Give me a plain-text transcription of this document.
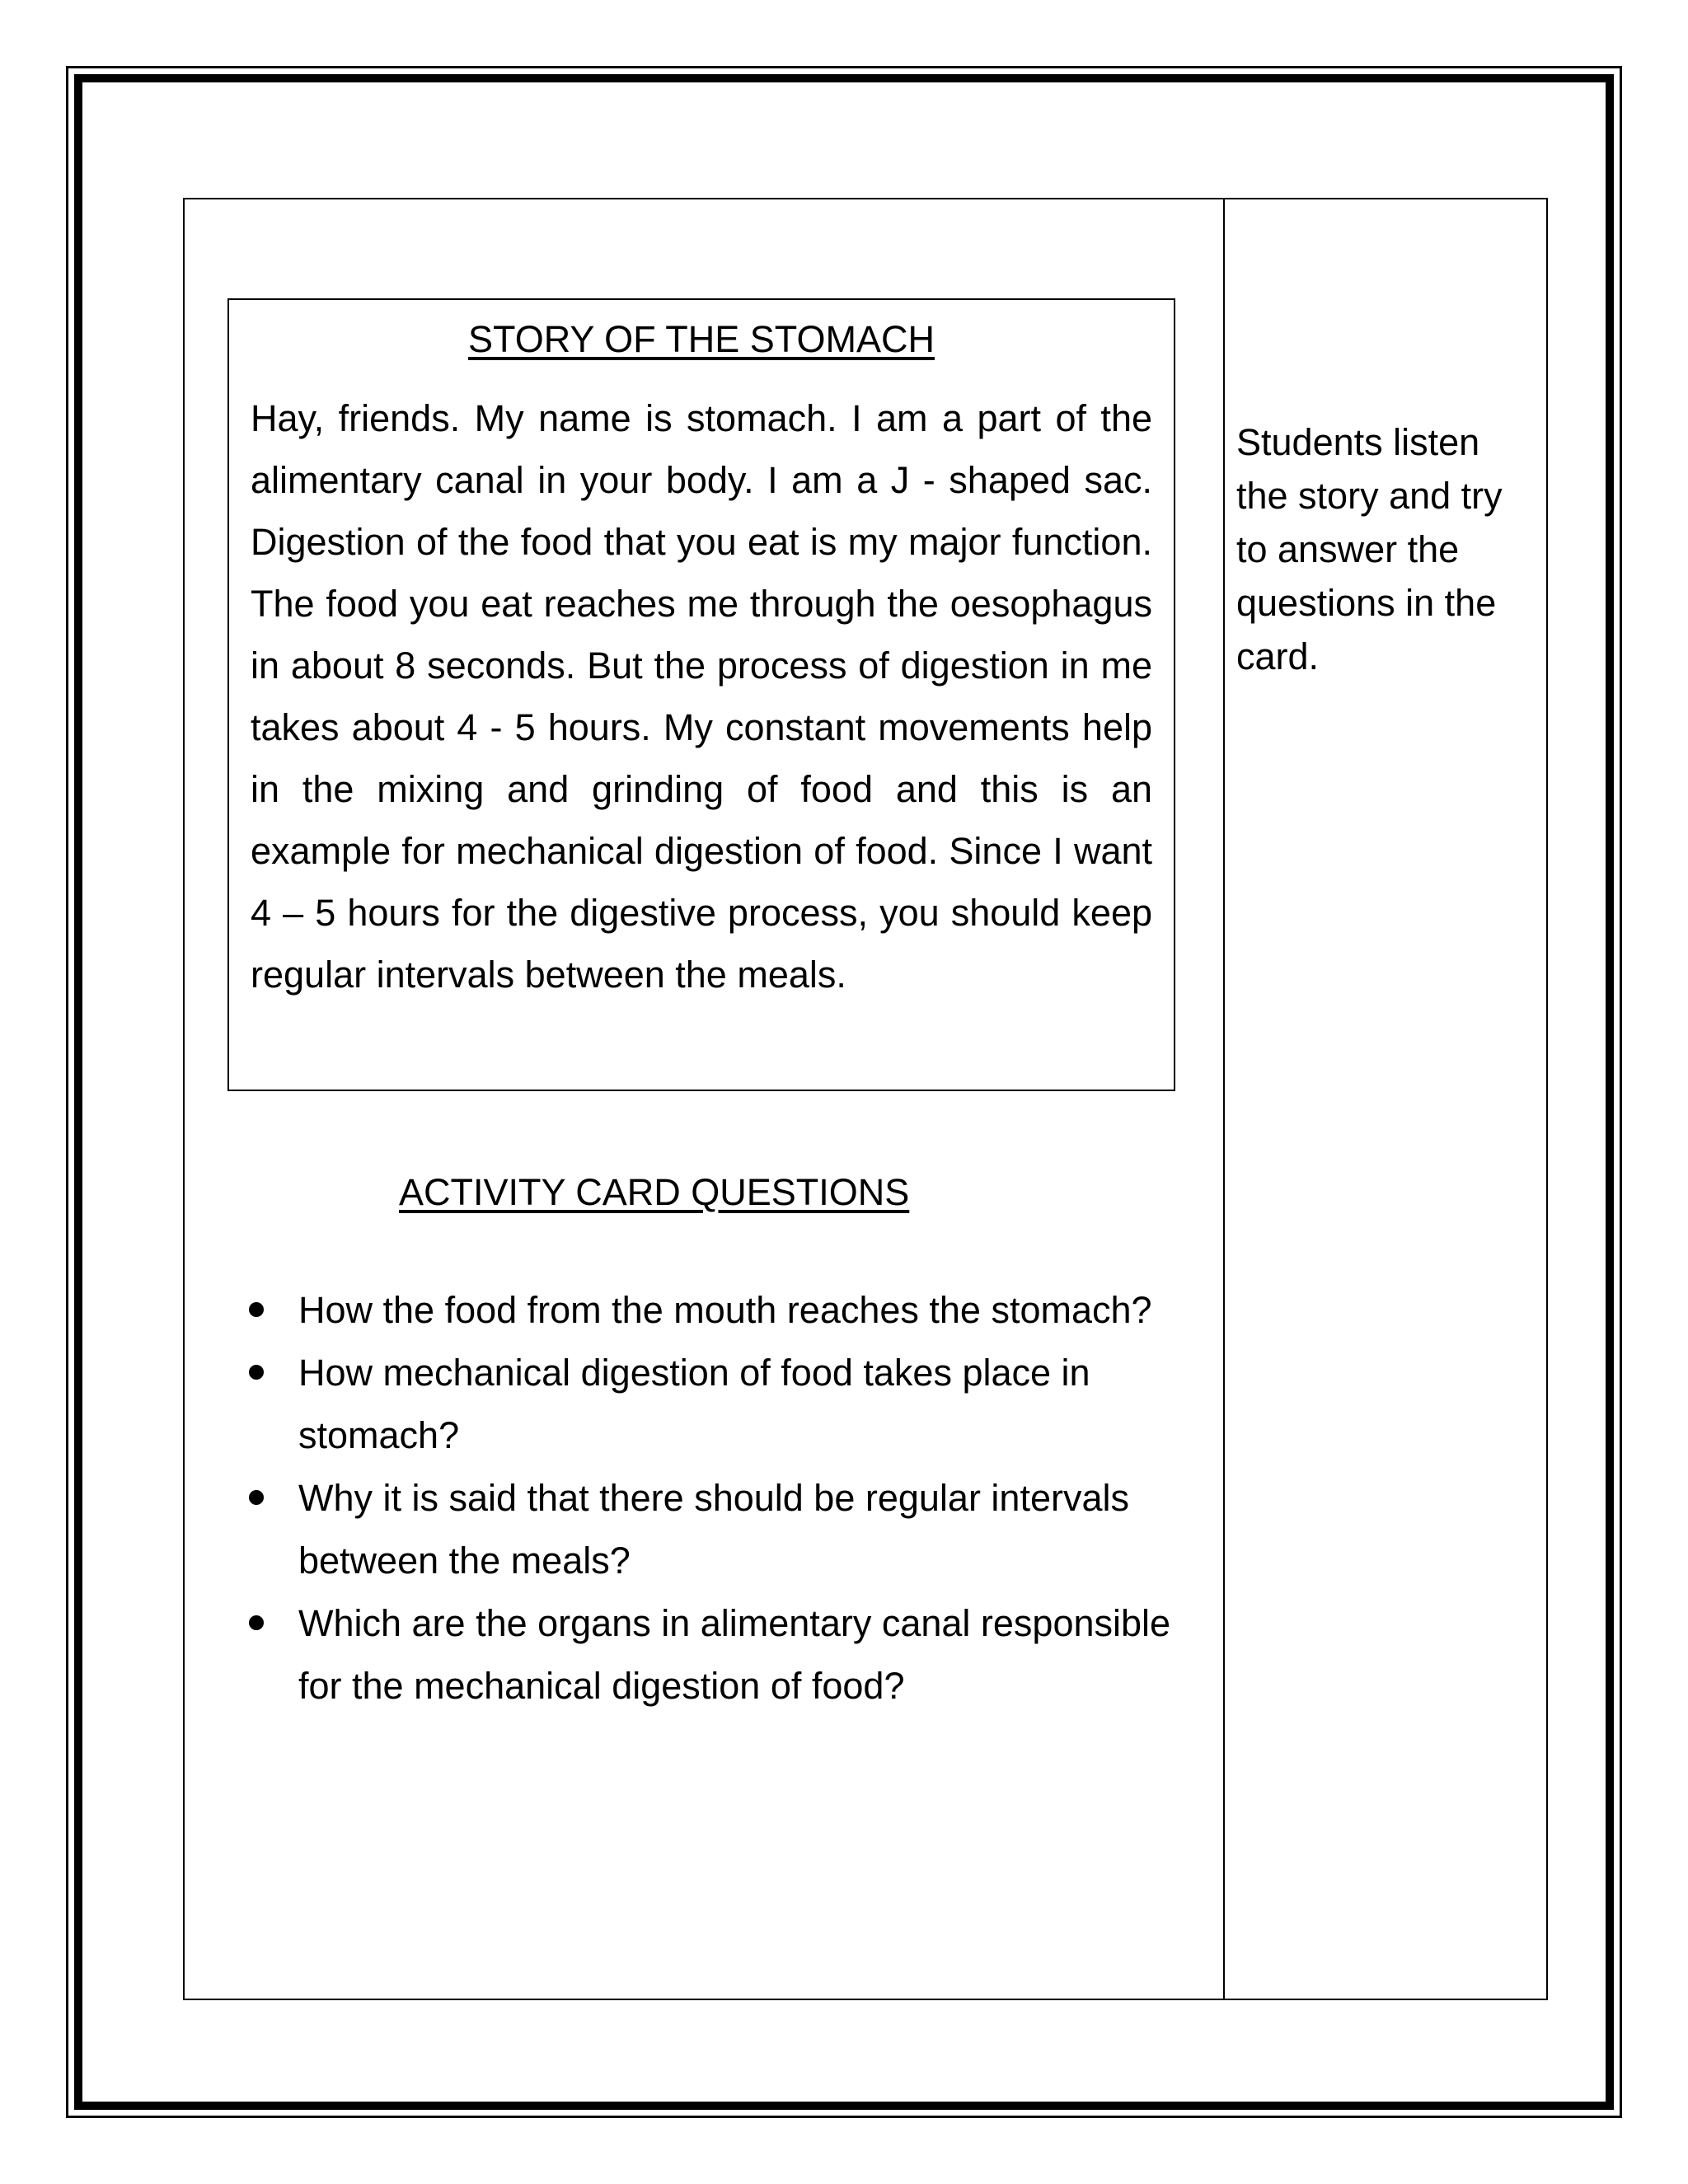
STORY OF THE STOMACH

Hay, friends. My name is stomach. I am a part of the alimentary canal in your body. I am a J - shaped sac. Digestion of the food that you eat is my major function. The food you eat reaches me through the oesophagus in about 8 seconds. But the process of digestion in me takes about 4 - 5 hours. My constant movements help in the mixing and grinding of food and this is an example for mechanical digestion of food. Since I want 4 – 5 hours for the digestive process, you should keep regular intervals between the meals.

ACTIVITY CARD QUESTIONS
How the food from the mouth reaches the stomach?
How mechanical digestion of food takes place in stomach?
Why it is said that there should be regular intervals between the meals?
Which are the organs in alimentary canal responsible for the mechanical digestion of food?

Students listen the story and try to answer the questions in the card.
